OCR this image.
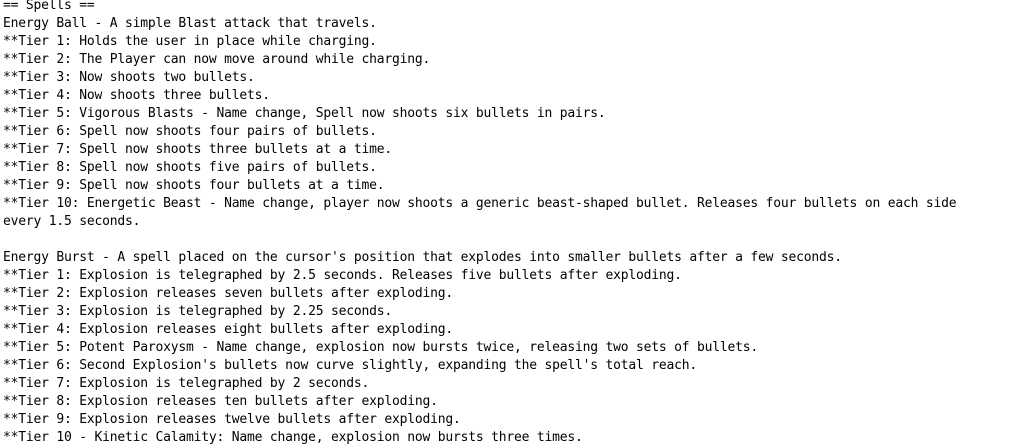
== Spells ==
Energy Ball - A simple Blast attack that travels.
**Tier 1: Holds the user in place while charging.
**Tier 2: The Player can now move around while charging.
**Tier 3: Now shoots two bullets.
**Tier 4: Now shoots three bullets.
**Tier 5: Vigorous Blasts - Name change, Spell now shoots six bullets in pairs.
**Tier 6: Spell now shoots four pairs of bullets.
**Tier 7: Spell now shoots three bullets at a time.
**Tier 8: Spell now shoots five pairs of bullets.
**Tier 9: Spell now shoots four bullets at a time.
**Tier 10: Energetic Beast - Name change, player now shoots a generic beast-shaped bullet. Releases four bullets on each side
every 1.5 seconds.
Energy Burst - A spell placed on the cursor's position that explodes into smaller bullets after a few seconds.
**Tier 1: Explosion is telegraphed by 2.5 seconds. Releases five bullets after exploding.
**Tier 2: Explosion releases seven bullets after exploding.
**Tier 3: Explosion is telegraphed by 2.25 seconds.
**Tier 4: Explosion releases eight bullets after exploding.
**Tier 5: Potent Paroxysm - Name change, explosion now bursts twice, releasing two sets of bullets.
**Tier 6: Second Explosion's bullets now curve slightly, expanding the spell's total reach.
**Tier 7: Explosion is telegraphed by 2 seconds.
**Tier 8: Explosion releases ten bullets after exploding.
**Tier 9: Explosion releases twelve bullets after exploding.
**Tier 10 - Kinetic Calamity: Name change, explosion now bursts three times.
